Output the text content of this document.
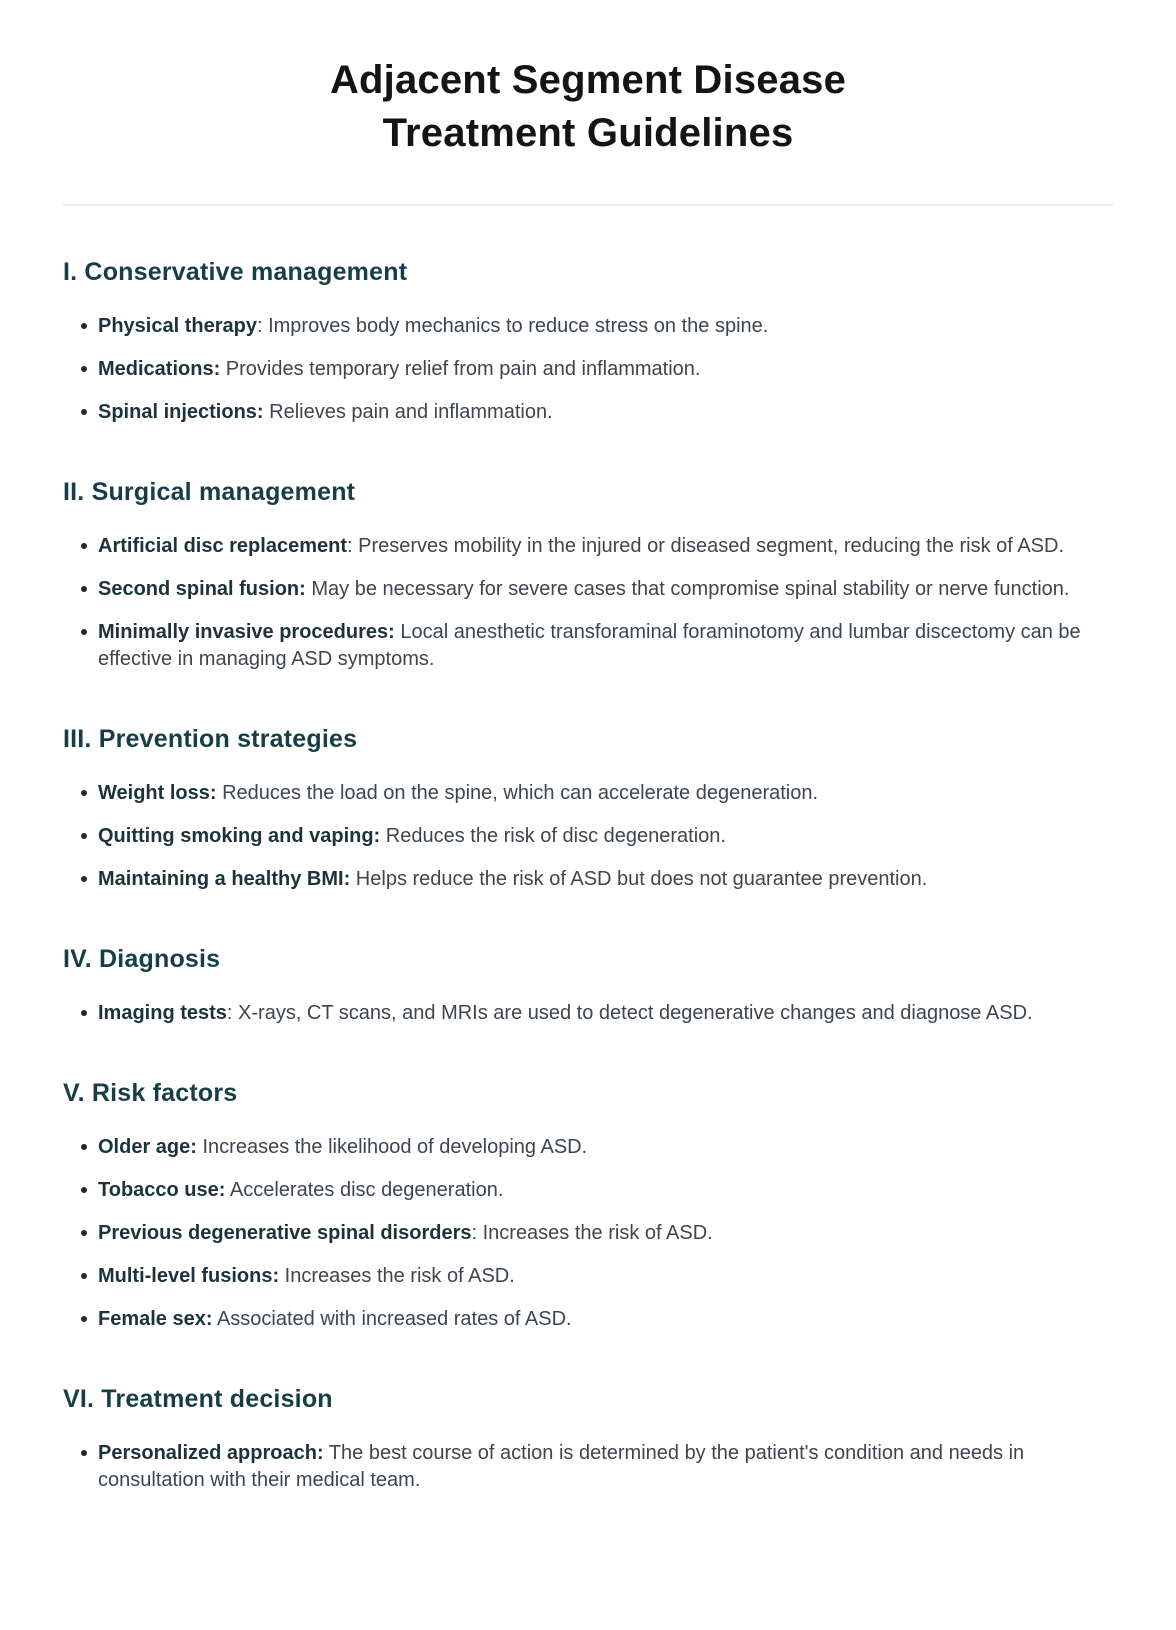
Adjacent Segment Disease
Treatment Guidelines
I. Conservative management
Physical therapy: Improves body mechanics to reduce stress on the spine.
Medications: Provides temporary relief from pain and inflammation.
Spinal injections: Relieves pain and inflammation.
II. Surgical management
Artificial disc replacement: Preserves mobility in the injured or diseased segment, reducing the risk of ASD.
Second spinal fusion: May be necessary for severe cases that compromise spinal stability or nerve function.
Minimally invasive procedures: Local anesthetic transforaminal foraminotomy and lumbar discectomy can be effective in managing ASD symptoms.
III. Prevention strategies
Weight loss: Reduces the load on the spine, which can accelerate degeneration.
Quitting smoking and vaping: Reduces the risk of disc degeneration.
Maintaining a healthy BMI: Helps reduce the risk of ASD but does not guarantee prevention.
IV. Diagnosis
Imaging tests: X-rays, CT scans, and MRIs are used to detect degenerative changes and diagnose ASD.
V. Risk factors
Older age: Increases the likelihood of developing ASD.
Tobacco use: Accelerates disc degeneration.
Previous degenerative spinal disorders: Increases the risk of ASD.
Multi-level fusions: Increases the risk of ASD.
Female sex: Associated with increased rates of ASD.
VI. Treatment decision
Personalized approach: The best course of action is determined by the patient's condition and needs in consultation with their medical team.
